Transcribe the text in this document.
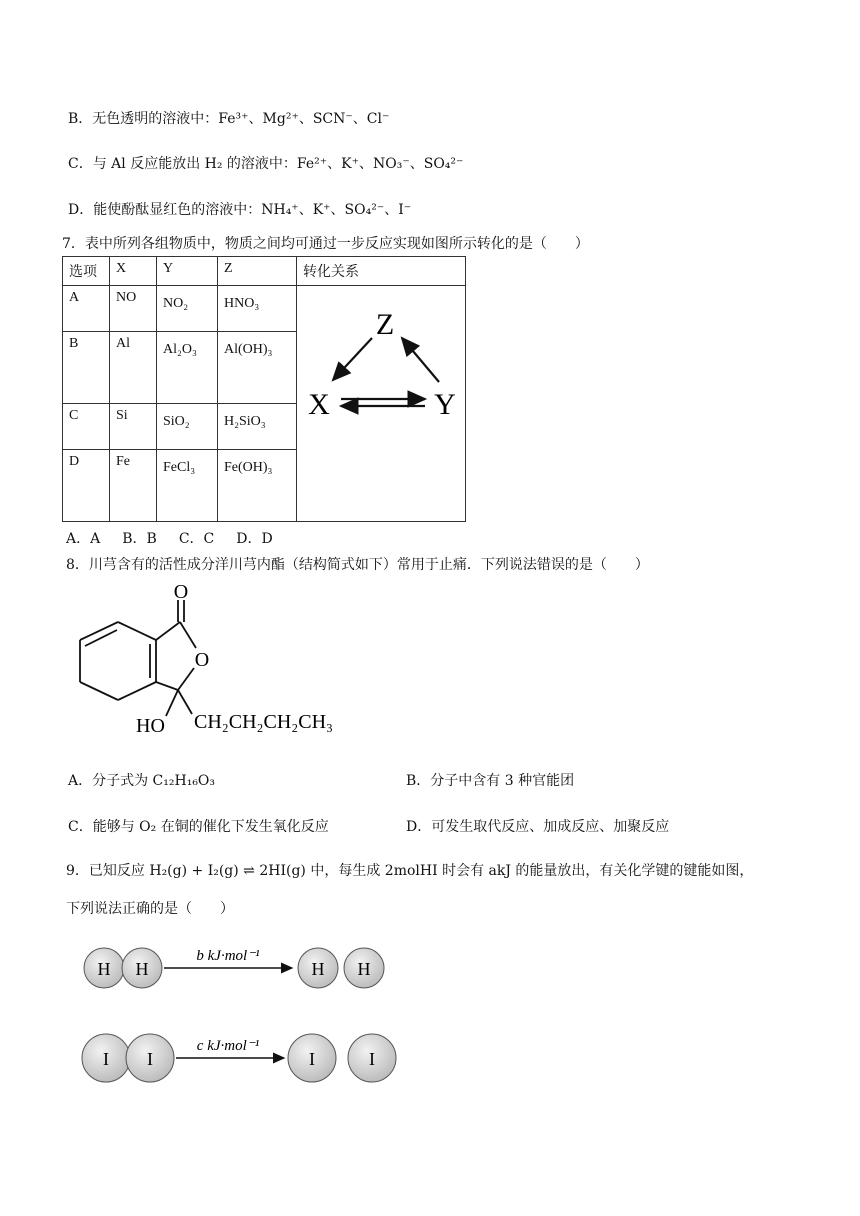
B．无色透明的溶液中：Fe³⁺、Mg²⁺、SCN⁻、Cl⁻
C．与 Al 反应能放出 H₂ 的溶液中：Fe²⁺、K⁺、NO₃⁻、SO₄²⁻
D．能使酚酞显红色的溶液中：NH₄⁺、K⁺、SO₄²⁻、I⁻
7．表中所列各组物质中，物质之间均可通过一步反应实现如图所示转化的是（　　）
选项	X	Y	Z	转化关系
A	NO	NO₂	HNO₃	Z
X Y

B	Al	Al₂O₃	Al(OH)₃	
C	Si	SiO₂	H₂SiO₃	
D	Fe	FeCl₃	Fe(OH)₃	
A．A B．B C．C D．D
8．川芎含有的活性成分洋川芎内酯（结构简式如下）常用于止痛．下列说法错误的是（　　）
O
O
HO CH₂CH₂CH₂CH₃
A．分子式为 C₁₂H₁₆O₃	B．分子中含有 3 种官能团
C．能够与 O₂ 在铜的催化下发生氧化反应	D．可发生取代反应、加成反应、加聚反应
9．已知反应 H₂(g) + I₂(g) ⇌ 2HI(g) 中，每生成 2molHI 时会有 akJ 的能量放出，有关化学键的键能如图，
下列说法正确的是（　　）
H H
b kJ·mol⁻¹
H H
I I
c kJ·mol⁻¹
I	I
